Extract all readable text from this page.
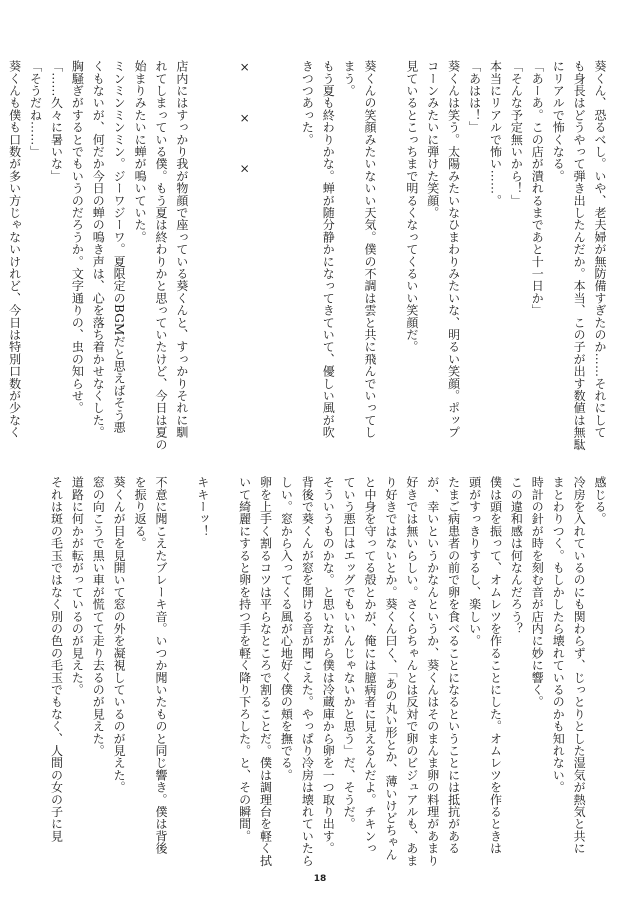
葵くん、恐るべし。いや、老夫婦が無防備すぎたのか……それにして
も身長はどうやって弾き出したんだか。本当、この子が出す数値は無駄
にリアルで怖くなる。
「あーあ。この店が潰れるまであと十一日か」
「そんな予定無いから！」
本当にリアルで怖い……。
「あはは！」
葵くんは笑う。太陽みたいなひまわりみたいな、明るい笑顔。ポップ
コーンみたいに弾けた笑顔。
見ているとこっちまで明るくなってくるいい笑顔だ。

葵くんの笑顔みたいないい天気。僕の不調は雲と共に飛んでいってし
まう。
もう夏も終わりかな。蝉が随分静かになってきていて、優しい風が吹
きつつあった。

×　　　×　　　×

店内にはすっかり我が物顔で座っている葵くんと、すっかりそれに馴
れてしまっている僕。もう夏は終わりかと思っていたけど、今日は夏の
始まりみたいに蝉が鳴いていた。
ミンミンミンミン。ジーワジーワ。夏限定のBGMだと思えばそう悪
くもないが、何だか今日の蝉の鳴き声は、心を落ち着かせなくした。
胸騒ぎがするとでもいうのだろうか。文字通りの、虫の知らせ。
「……久々に暑いな」
「そうだね……」
葵くんも僕も口数が多い方じゃないけれど、今日は特別口数が少なく
感じる。
冷房を入れているのにも関わらず、じっとりとした湿気が熱気と共に
まとわりつく。もしかしたら壊れているのかも知れない。
時計の針が時を刻む音が店内に妙に響く。
この違和感は何なんだろう？
僕は頭を振って、オムレツを作ることにした。オムレツを作るときは
頭がすっきりするし、楽しい。
たまご病患者の前で卵を食べることになるということには抵抗がある
が、幸いというかなんというか、葵くんはそのまんま卵の料理があまり
好きでは無いらしい。さくらちゃんとは反対で卵のビジュアルも、あま
り好きではないとか。葵くん曰く、「あの丸い形とか、薄いけどちゃん
と中身を守ってる殻とかが、俺には臆病者に見えるんだよ。チキンっ
ていう悪口はエッグでもいいんじゃないかと思う」だ、そうだ。
そういうものかな。と思いながら僕は冷蔵庫から卵を一つ取り出す。
背後で葵くんが窓を開ける音が聞こえた。やっぱり冷房は壊れていたら
しい。窓から入ってくる風が心地好く僕の頬を撫でる。
卵を上手く割るコツは平らなところで割ることだ。僕は調理台を軽く拭
いて綺麗にすると卵を持つ手を軽く降り下ろした。と、その瞬間。

キキーッ！

不意に聞こえたブレーキ音。いつか聞いたものと同じ響き。僕は背後
を振り返る。
葵くんが目を見開いて窓の外を凝視しているのが見えた。
窓の向こうで黒い車が慌てて走り去るのが見えた。
道路に何かが転がっているのが見えた。
それは斑の毛玉ではなく別の色の毛玉でもなく、人間の女の子に見
18
